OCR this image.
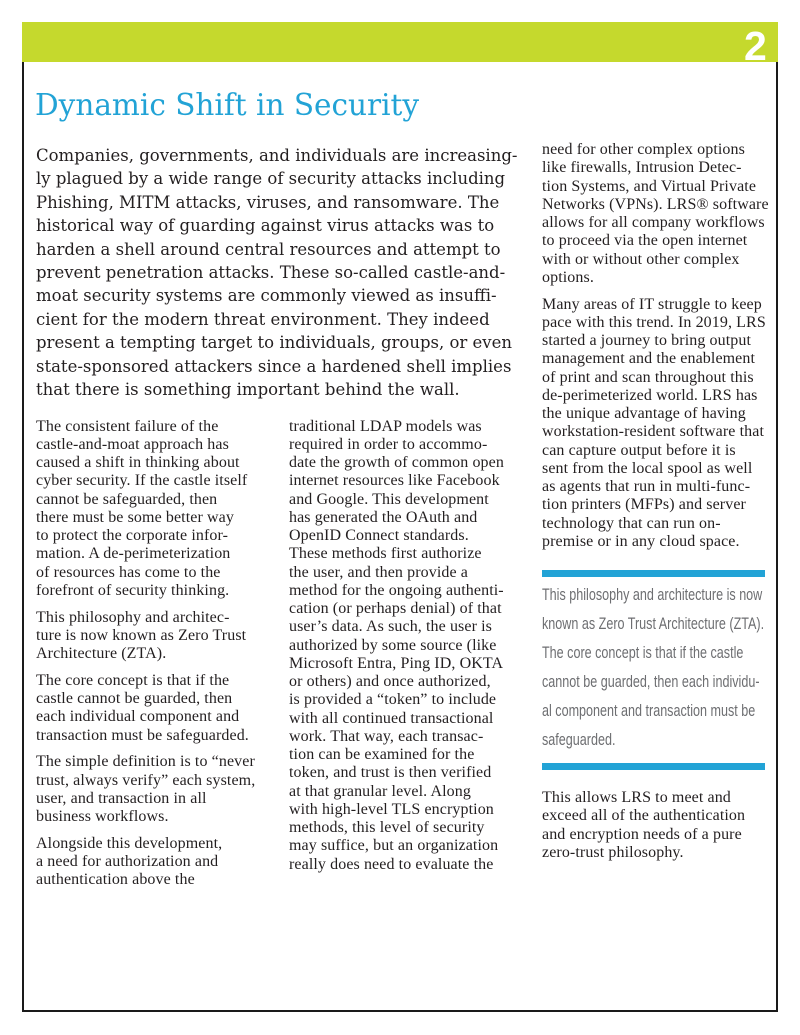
2
Dynamic Shift in Security
Companies, governments, and individuals are increasing-
ly plagued by a wide range of security attacks including
Phishing, MITM attacks, viruses, and ransomware. The
historical way of guarding against virus attacks was to
harden a shell around central resources and attempt to
prevent penetration attacks. These so-called castle-and-
moat security systems are commonly viewed as insuffi-
cient for the modern threat environment. They indeed
present a tempting target to individuals, groups, or even
state-sponsored attackers since a hardened shell implies
that there is something important behind the wall.
The consistent failure of the
castle-and-moat approach has
caused a shift in thinking about
cyber security. If the castle itself
cannot be safeguarded, then
there must be some better way
to protect the corporate infor-
mation. A de-perimeterization
of resources has come to the
forefront of security thinking.
This philosophy and architec-
ture is now known as Zero Trust
Architecture (ZTA).
The core concept is that if the
castle cannot be guarded, then
each individual component and
transaction must be safeguarded.
The simple definition is to “never
trust, always verify” each system,
user, and transaction in all
business workflows.
Alongside this development,
a need for authorization and
authentication above the
traditional LDAP models was
required in order to accommo-
date the growth of common open
internet resources like Facebook
and Google. This development
has generated the OAuth and
OpenID Connect standards.
These methods first authorize
the user, and then provide a
method for the ongoing authenti-
cation (or perhaps denial) of that
user’s data. As such, the user is
authorized by some source (like
Microsoft Entra, Ping ID, OKTA
or others) and once authorized,
is provided a “token” to include
with all continued transactional
work. That way, each transac-
tion can be examined for the
token, and trust is then verified
at that granular level. Along
with high-level TLS encryption
methods, this level of security
may suffice, but an organization
really does need to evaluate the
need for other complex options
like firewalls, Intrusion Detec-
tion Systems, and Virtual Private
Networks (VPNs). LRS® software
allows for all company workflows
to proceed via the open internet
with or without other complex
options.
Many areas of IT struggle to keep
pace with this trend. In 2019, LRS
started a journey to bring output
management and the enablement
of print and scan throughout this
de-perimeterized world. LRS has
the unique advantage of having
workstation-resident software that
can capture output before it is
sent from the local spool as well
as agents that run in multi-func-
tion printers (MFPs) and server
technology that can run on-
premise or in any cloud space.
This philosophy and architecture is now
known as Zero Trust Architecture (ZTA).
The core concept is that if the castle
cannot be guarded, then each individu-
al component and transaction must be
safeguarded.
This allows LRS to meet and
exceed all of the authentication
and encryption needs of a pure
zero-trust philosophy.
